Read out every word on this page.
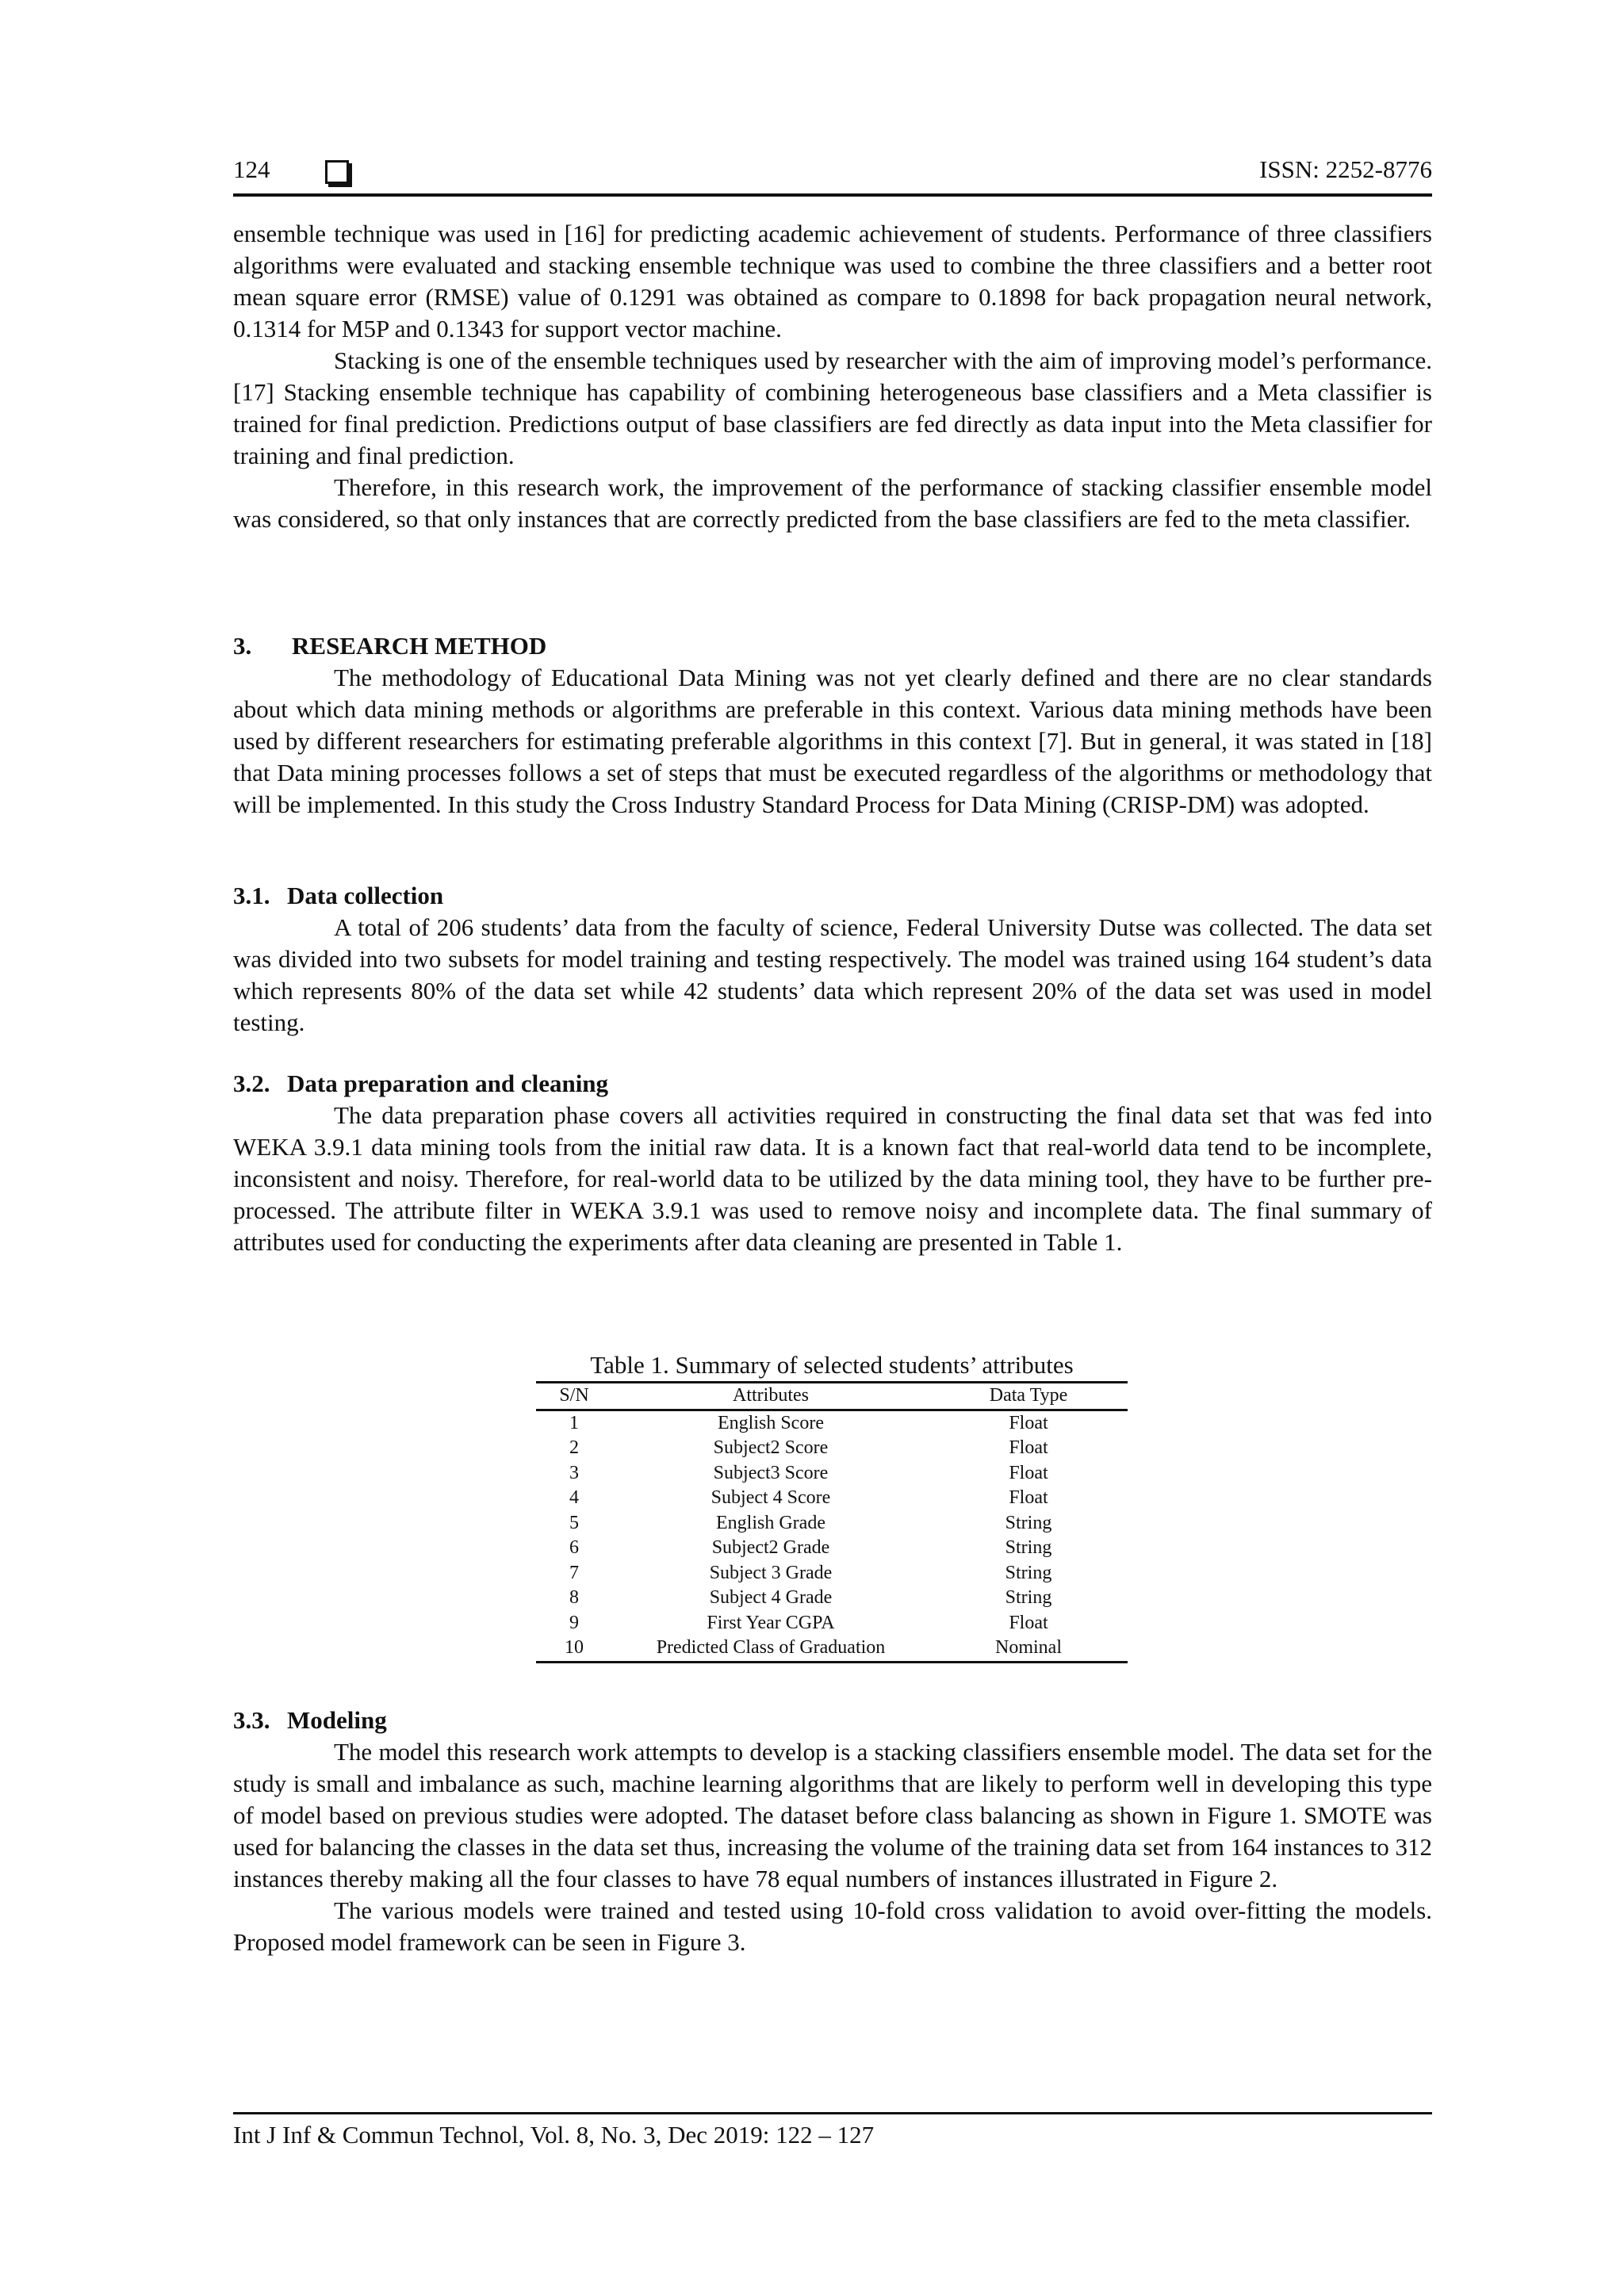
124	ISSN: 2252-8776

ensemble technique was used in [16] for predicting academic achievement of students. Performance of three classifiers algorithms were evaluated and stacking ensemble technique was used to combine the three classifiers and a better root mean square error (RMSE) value of 0.1291 was obtained as compare to 0.1898 for back propagation neural network, 0.1314 for M5P and 0.1343 for support vector machine.

Stacking is one of the ensemble techniques used by researcher with the aim of improving model’s performance. [17] Stacking ensemble technique has capability of combining heterogeneous base classifiers and a Meta classifier is trained for final prediction. Predictions output of base classifiers are fed directly as data input into the Meta classifier for training and final prediction.

Therefore, in this research work, the improvement of the performance of stacking classifier ensemble model was considered, so that only instances that are correctly predicted from the base classifiers are fed to the meta classifier.

3. RESEARCH METHOD

The methodology of Educational Data Mining was not yet clearly defined and there are no clear standards about which data mining methods or algorithms are preferable in this context. Various data mining methods have been used by different researchers for estimating preferable algorithms in this context [7]. But in general, it was stated in [18] that Data mining processes follows a set of steps that must be executed regardless of the algorithms or methodology that will be implemented. In this study the Cross Industry Standard Process for Data Mining (CRISP-DM) was adopted.

3.1. Data collection

A total of 206 students’ data from the faculty of science, Federal University Dutse was collected. The data set was divided into two subsets for model training and testing respectively. The model was trained using 164 student’s data which represents 80% of the data set while 42 students’ data which represent 20% of the data set was used in model testing.

3.2. Data preparation and cleaning

The data preparation phase covers all activities required in constructing the final data set that was fed into WEKA 3.9.1 data mining tools from the initial raw data. It is a known fact that real-world data tend to be incomplete, inconsistent and noisy. Therefore, for real-world data to be utilized by the data mining tool, they have to be further pre-processed. The attribute filter in WEKA 3.9.1 was used to remove noisy and incomplete data. The final summary of attributes used for conducting the experiments after data cleaning are presented in Table 1.

Table 1. Summary of selected students’ attributes
S/N	Attributes	Data Type
1	English Score	Float
2	Subject2 Score	Float
3	Subject3 Score	Float
4	Subject 4 Score	Float
5	English Grade	String
6	Subject2 Grade	String
7	Subject 3 Grade	String
8	Subject 4 Grade	String
9	First Year CGPA	Float
10	Predicted Class of Graduation	Nominal
3.3. Modeling

The model this research work attempts to develop is a stacking classifiers ensemble model. The data set for the study is small and imbalance as such, machine learning algorithms that are likely to perform well in developing this type of model based on previous studies were adopted. The dataset before class balancing as shown in Figure 1. SMOTE was used for balancing the classes in the data set thus, increasing the volume of the training data set from 164 instances to 312 instances thereby making all the four classes to have 78 equal numbers of instances illustrated in Figure 2.

The various models were trained and tested using 10-fold cross validation to avoid over-fitting the models. Proposed model framework can be seen in Figure 3.

Int J Inf & Commun Technol, Vol. 8, No. 3, Dec 2019: 122 – 127
